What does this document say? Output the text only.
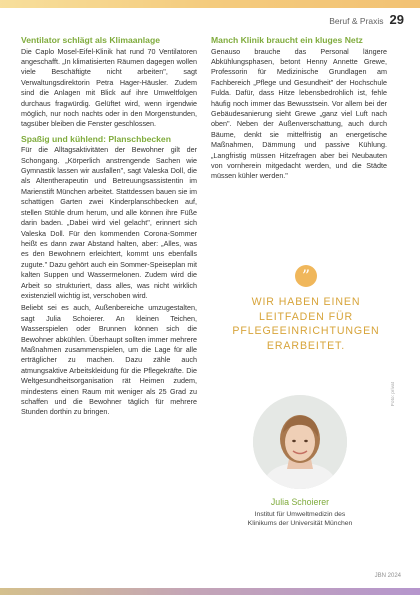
Beruf & Praxis 29
Ventilator schlägt als Klimaanlage

Die Caplo Mosel-Eifel-Klinik hat rund 70 Ventilatoren angeschafft. „In klimatisierten Räumen dagegen wollen viele Beschäftigte nicht arbeiten", sagt Verwaltungsdirektorin Petra Hager-Häusler. Zudem sind die Anlagen mit Blick auf ihre Umweltfolgen durchaus fragwürdig. Gelüftet wird, wenn irgendwie möglich, nur noch nachts oder in den Morgenstunden, tagsüber bleiben die Fenster geschlossen.

Spaßig und kühlend: Planschbecken

Für die Alltagsaktivitäten der Bewohner gilt der Schongang. „Körperlich anstrengende Sachen wie Gymnastik lassen wir ausfallen", sagt Valeska Doll, die als Altentherapeutin und Betreuungsassistentin im Marienstift München arbeitet. Stattdessen bauen sie im schattigen Garten zwei Kinderplanschbecken auf, stellen Stühle drum herum, und alle können ihre Füße darin baden. „Dabei wird viel gelacht", erinnert sich Valeska Doll. Für den kommenden Corona-Sommer heißt es dann zwar Abstand halten, aber: „Alles, was es den Bewohnern erleichtert, kommt uns ebenfalls zugute." Dazu gehört auch ein Sommer-Speiseplan mit kalten Suppen und Wassermelonen. Zudem wird die Arbeit so strukturiert, dass alles, was nicht wirklich existenziell wichtig ist, verschoben wird.

Beliebt sei es auch, Außenbereiche umzugestalten, sagt Julia Schoierer. An kleinen Teichen, Wasserspielen oder Brunnen können sich die Bewohner abkühlen. Überhaupt sollten immer mehrere Maßnahmen zusammenspielen, um die Lage für alle erträglicher zu machen. Dazu zähle auch atmungsaktive Arbeitskleidung für die Pflegekräfte. Die Weltgesundheitsorganisation rät Heimen zudem, mindestens einen Raum mit weniger als 25 Grad zu schaffen und die Bewohner täglich für mehrere Stunden dorthin zu bringen.

Manch Klinik braucht ein kluges Netz

Genauso brauche das Personal längere Abkühlungsphasen, betont Henny Annette Grewe, Professorin für Medizinische Grundlagen am Fachbereich „Pflege und Gesundheit" der Hochschule Fulda. Dafür, dass Hitze lebensbedrohlich ist, fehle häufig noch immer das Bewusstsein. Vor allem bei der Gebäudesanierung sieht Grewe „ganz viel Luft nach oben". Neben der Außenverschattung, auch durch Bäume, denkt sie mittelfristig an energetische Maßnahmen, Dämmung und passive Kühlung. „Langfristig müssen Hitzefragen aber bei Neubauten von vornherein mitgedacht werden, und die Städte müssen kühler werden."

”
WIR HABEN EINEN
LEITFADEN FÜR
PFLEGEEINRICHTUNGEN
ERARBEITET.
Foto: privat
Julia Schoierer
Institut für Umweltmedizin des
Klinikums der Universität München
JBN 2024
